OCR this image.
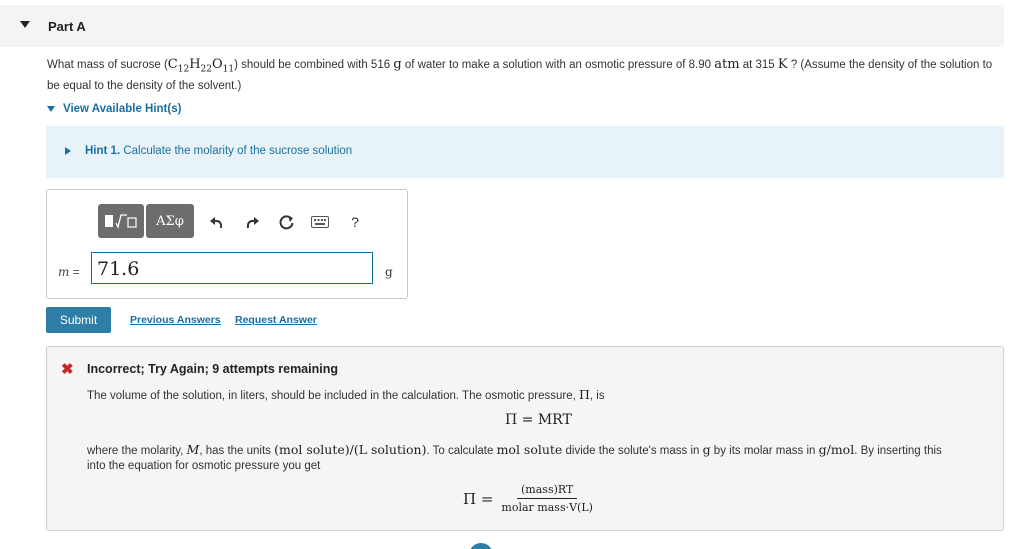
Part A
What mass of sucrose $(C_{12}H_{22}O_{11})$ should be combined with 516 g of water to make a solution with an osmotic pressure of 8.90 atm at 315 K ? (Assume the density of the solution to be equal to the density of the solvent.)
View Available Hint(s)
Hint 1. Calculate the molarity of the sucrose solution
ΑΣφ	?
m = 71.6	g
Submit	Previous Answers Request Answer
✖ Incorrect; Try Again; 9 attempts remaining
The volume of the solution, in liters, should be included in the calculation. The osmotic pressure, Π, is
Π = MRT
where the molarity, M, has the units (mol solute)/(L solution). To calculate mol solute divide the solute's mass in g by its molar mass in g/mol. By inserting this
into the equation for osmotic pressure you get
$\Pi = \frac{\text{(mass)RT}}{\text{molar mass·V(L)}}$
